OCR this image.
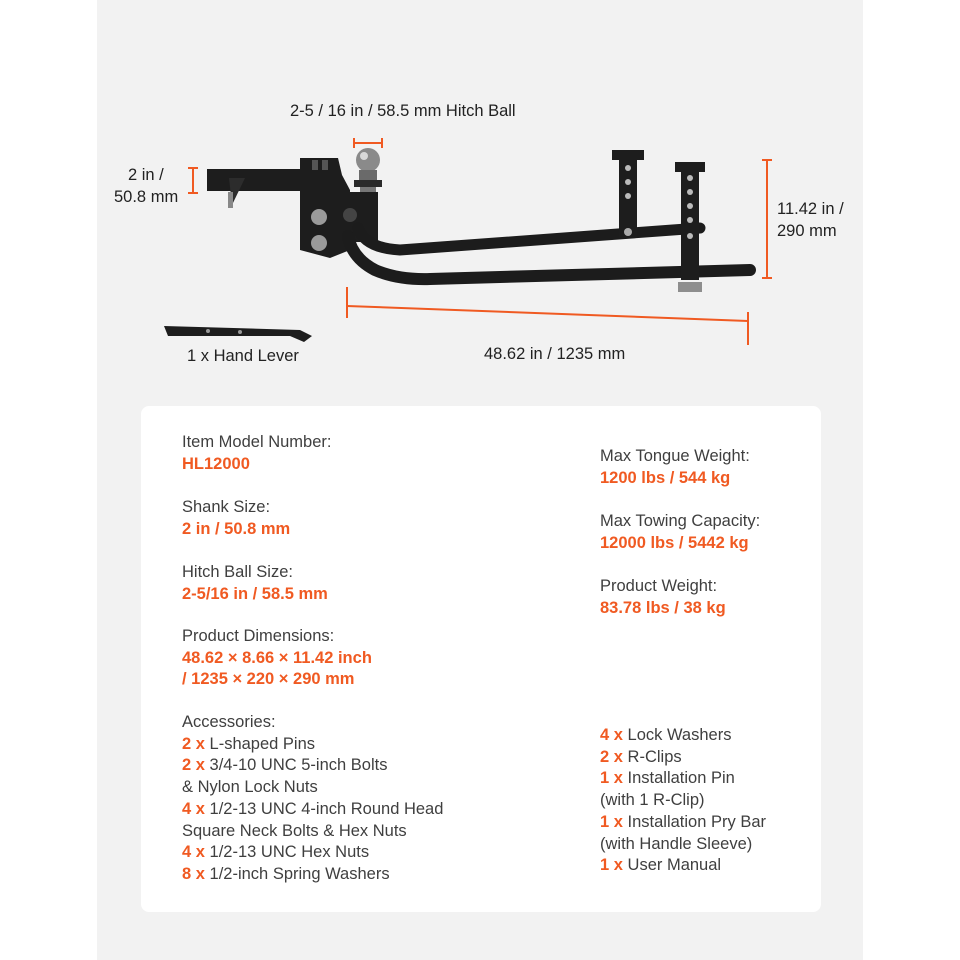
2-5 / 16 in / 58.5 mm Hitch Ball
2 in /
50.8 mm
11.42 in /
290 mm
48.62 in / 1235 mm
1 x Hand Lever
Item Model Number:
HL12000
Shank Size:
2 in / 50.8 mm
Hitch Ball Size:
2-5/16 in / 58.5 mm
Product Dimensions:
48.62 × 8.66 × 11.42 inch
/ 1235 × 220 × 290 mm
Max Tongue Weight:
1200 lbs / 544 kg
Max Towing Capacity:
12000 lbs / 5442 kg
Product Weight:
83.78 lbs / 38 kg
Accessories:
2 x L-shaped Pins
2 x 3/4-10 UNC 5-inch Bolts
& Nylon Lock Nuts
4 x 1/2-13 UNC 4-inch Round Head
Square Neck Bolts & Hex Nuts
4 x 1/2-13 UNC Hex Nuts
8 x 1/2-inch Spring Washers
4 x Lock Washers
2 x R-Clips
1 x Installation Pin
(with 1 R-Clip)
1 x Installation Pry Bar
(with Handle Sleeve)
1 x User Manual
